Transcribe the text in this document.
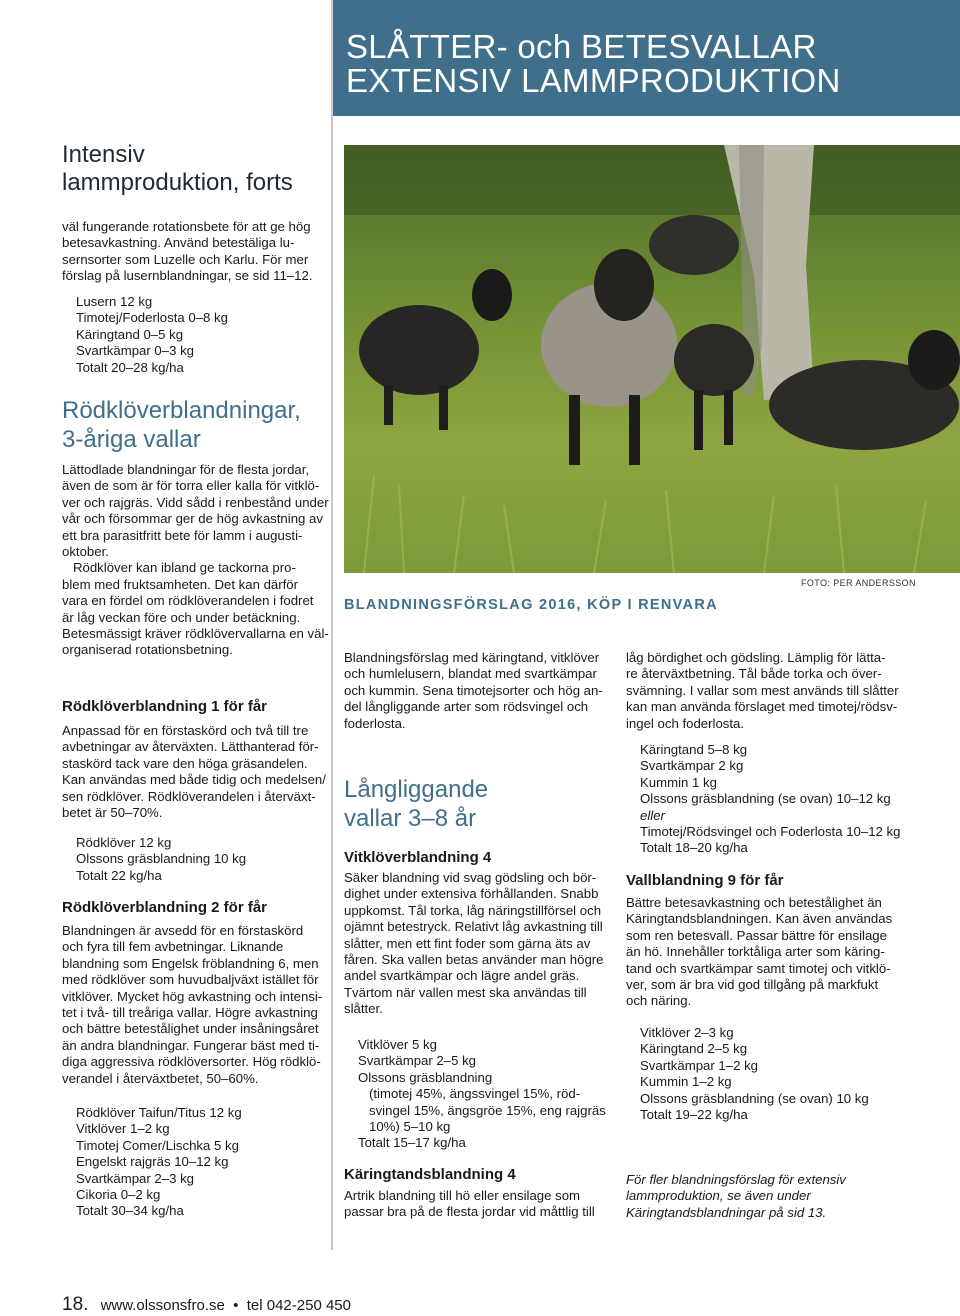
SLÅTTER- och BETESVALLAR
EXTENSIV LAMMPRODUKTION
Intensiv
lammproduktion, forts
väl fungerande rotationsbete för att ge hög
betesavkastning. Använd betestäliga lu-
sernsorter som Luzelle och Karlu. För mer
förslag på lusernblandningar, se sid 11–12.
Lusern 12 kg
Timotej/Foderlosta 0–8 kg
Käringtand 0–5 kg
Svartkämpar 0–3 kg
Totalt 20–28 kg/ha
Rödklöverblandningar,
3-åriga vallar
Lättodlade blandningar för de flesta jordar,
även de som är för torra eller kalla för vitklö-
ver och rajgräs. Vidd sådd i renbestånd under
vår och försommar ger de hög avkastning av
ett bra parasitfritt bete för lamm i augusti-
oktober.
Rödklöver kan ibland ge tackorna pro-
blem med fruktsamheten. Det kan därför
vara en fördel om rödklöverandelen i fodret
är låg veckan före och under betäckning.
Betesmässigt kräver rödklövervallarna en väl-
organiserad rotationsbetning.
Rödklöverblandning 1 för får
Anpassad för en förstaskörd och två till tre
avbetningar av återväxten. Lätthanterad för-
staskörd tack vare den höga gräsandelen.
Kan användas med både tidig och medelsen/
sen rödklöver. Rödklöverandelen i återväxt-
betet är 50–70%.
Rödklöver 12 kg
Olssons gräsblandning 10 kg
Totalt 22 kg/ha
Rödklöverblandning 2 för får
Blandningen är avsedd för en förstaskörd
och fyra till fem avbetningar. Liknande
blandning som Engelsk fröblandning 6, men
med rödklöver som huvudbaljväxt istället för
vitklöver. Mycket hög avkastning och intensi-
tet i två- till treåriga vallar. Högre avkastning
och bättre betestålighet under insåningsåret
än andra blandningar. Fungerar bäst med ti-
diga aggressiva rödklöversorter. Hög rödklö-
verandel i återväxtbetet, 50–60%.
Rödklöver Taifun/Titus 12 kg
Vitklöver 1–2 kg
Timotej Comer/Lischka 5 kg
Engelskt rajgräs 10–12 kg
Svartkämpar 2–3 kg
Cikoria 0–2 kg
Totalt 30–34 kg/ha
FOTO: PER ANDERSSON
BLANDNINGSFÖRSLAG 2016, KÖP I RENVARA
Blandningsförslag med käringtand, vitklöver
och humlelusern, blandat med svartkämpar
och kummin. Sena timotejsorter och hög an-
del långliggande arter som rödsvingel och
foderlosta.
Långliggande
vallar 3–8 år
Vitklöverblandning 4
Säker blandning vid svag gödsling och bör-
dighet under extensiva förhållanden. Snabb
uppkomst. Tål torka, låg näringstillförsel och
ojämnt betestryck. Relativt låg avkastning till
slåtter, men ett fint foder som gärna äts av
fåren. Ska vallen betas använder man högre
andel svartkämpar och lägre andel gräs.
Tvärtom när vallen mest ska användas till
slåtter.
Vitklöver 5 kg
Svartkämpar 2–5 kg
Olssons gräsblandning
(timotej 45%, ängssvingel 15%, röd-
svingel 15%, ängsgröe 15%, eng rajgräs
10%) 5–10 kg
Totalt 15–17 kg/ha
Käringtandsblandning 4
Artrik blandning till hö eller ensilage som
passar bra på de flesta jordar vid måttlig till
låg bördighet och gödsling. Lämplig för lätta-
re återväxtbetning. Tål både torka och över-
svämning. I vallar som mest används till slåtter
kan man använda förslaget med timotej/rödsv-
ingel och foderlosta.
Käringtand 5–8 kg
Svartkämpar 2 kg
Kummin 1 kg
Olssons gräsblandning (se ovan) 10–12 kg
eller
Timotej/Rödsvingel och Foderlosta 10–12 kg
Totalt 18–20 kg/ha
Vallblandning 9 för får
Bättre betesavkastning och betestålighet än
Käringtandsblandningen. Kan även användas
som ren betesvall. Passar bättre för ensilage
än hö. Innehåller torktåliga arter som käring-
tand och svartkämpar samt timotej och vitklö-
ver, som är bra vid god tillgång på markfukt
och näring.
Vitklöver 2–3 kg
Käringtand 2–5 kg
Svartkämpar 1–2 kg
Kummin 1–2 kg
Olssons gräsblandning (se ovan) 10 kg
Totalt 19–22 kg/ha
För fler blandningsförslag för extensiv
lammproduktion, se även under
Käringtandsblandningar på sid 13.
18. www.olssonsfro.se  •  tel 042-250 450
